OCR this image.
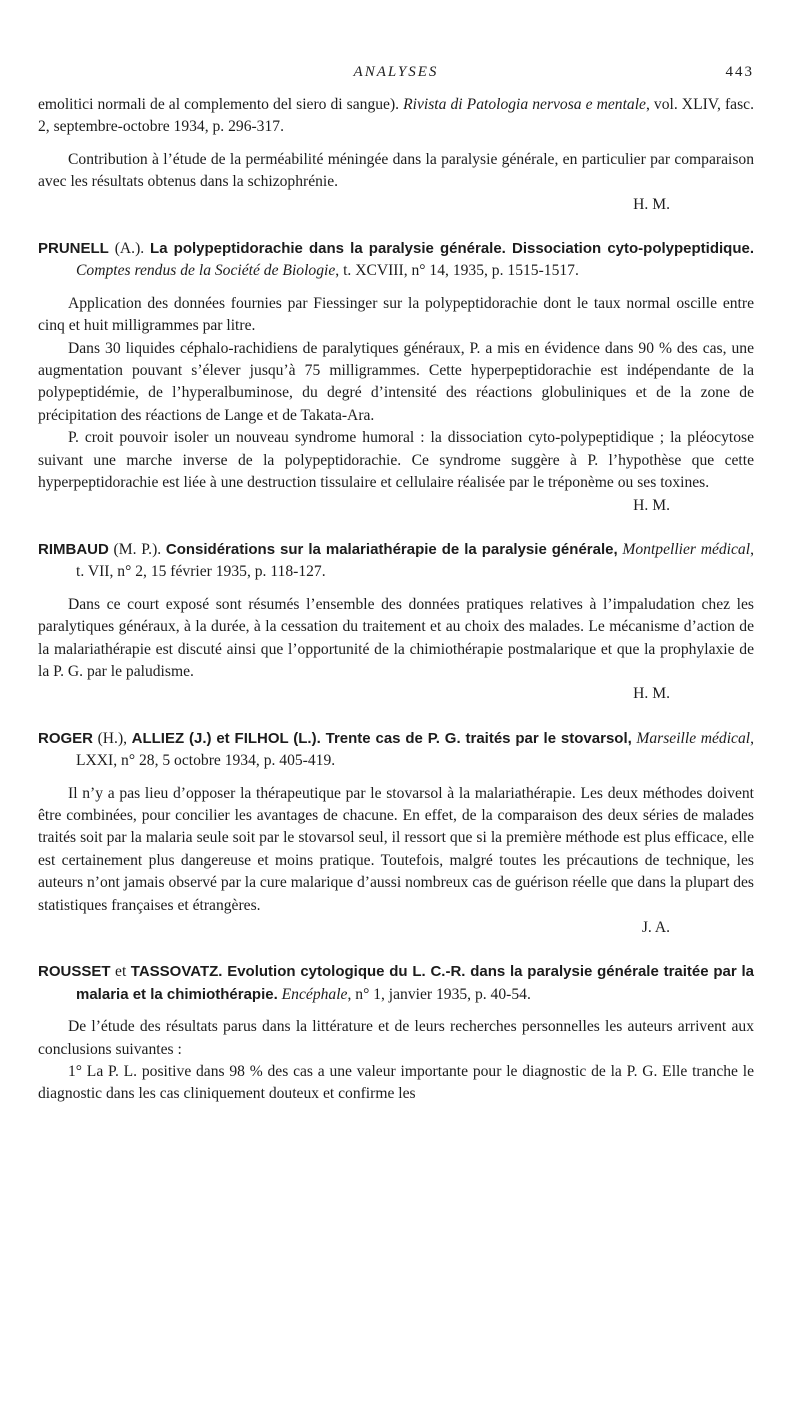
ANALYSES	443

emolitici normali de al complemento del siero di sangue). Rivista di Patologia nervosa e mentale, vol. XLIV, fasc. 2, septembre-octobre 1934, p. 296-317.

Contribution à l’étude de la perméabilité méningée dans la paralysie générale, en particulier par comparaison avec les résultats obtenus dans la schizophrénie.

H. M.

PRUNELL (A.). La polypeptidorachie dans la paralysie générale. Dissociation cyto-polypeptidique. Comptes rendus de la Société de Biologie, t. XCVIII, n° 14, 1935, p. 1515-1517.

Application des données fournies par Fiessinger sur la polypeptidorachie dont le taux normal oscille entre cinq et huit milligrammes par litre.

Dans 30 liquides céphalo-rachidiens de paralytiques généraux, P. a mis en évidence dans 90 % des cas, une augmentation pouvant s’élever jusqu’à 75 milligrammes. Cette hyperpeptidorachie est indépendante de la polypeptidémie, de l’hyperalbuminose, du degré d’intensité des réactions globuliniques et de la zone de précipitation des réactions de Lange et de Takata-Ara.

P. croit pouvoir isoler un nouveau syndrome humoral : la dissociation cyto-polypeptidique ; la pléocytose suivant une marche inverse de la polypeptidorachie. Ce syndrome suggère à P. l’hypothèse que cette hyperpeptidorachie est liée à une destruction tissulaire et cellulaire réalisée par le tréponème ou ses toxines.

H. M.

RIMBAUD (M. P.). Considérations sur la malariathérapie de la paralysie générale, Montpellier médical, t. VII, n° 2, 15 février 1935, p. 118-127.

Dans ce court exposé sont résumés l’ensemble des données pratiques relatives à l’impaludation chez les paralytiques généraux, à la durée, à la cessation du traitement et au choix des malades. Le mécanisme d’action de la malariathérapie est discuté ainsi que l’opportunité de la chimiothérapie postmalarique et que la prophylaxie de la P. G. par le paludisme.

H. M.

ROGER (H.), ALLIEZ (J.) et FILHOL (L.). Trente cas de P. G. traités par le stovarsol, Marseille médical, LXXI, n° 28, 5 octobre 1934, p. 405-419.

Il n’y a pas lieu d’opposer la thérapeutique par le stovarsol à la malariathérapie. Les deux méthodes doivent être combinées, pour concilier les avantages de chacune. En effet, de la comparaison des deux séries de malades traités soit par la malaria seule soit par le stovarsol seul, il ressort que si la première méthode est plus efficace, elle est certainement plus dangereuse et moins pratique. Toutefois, malgré toutes les précautions de technique, les auteurs n’ont jamais observé par la cure malarique d’aussi nombreux cas de guérison réelle que dans la plupart des statistiques françaises et étrangères.

J. A.

ROUSSET et TASSOVATZ. Evolution cytologique du L. C.-R. dans la paralysie générale traitée par la malaria et la chimiothérapie. Encéphale, n° 1, janvier 1935, p. 40-54.

De l’étude des résultats parus dans la littérature et de leurs recherches personnelles les auteurs arrivent aux conclusions suivantes :

1° La P. L. positive dans 98 % des cas a une valeur importante pour le diagnostic de la P. G. Elle tranche le diagnostic dans les cas cliniquement douteux et confirme les
